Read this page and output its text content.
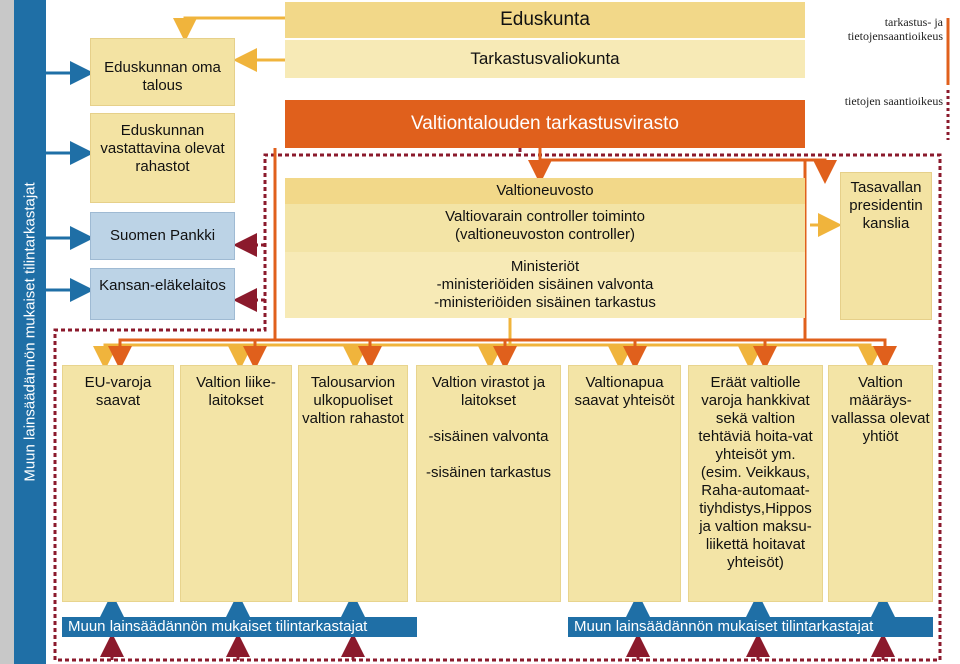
Muun lainsäädännön mukaiset tilintarkastajat
Eduskunta
Tarkastusvaliokunta
Valtiontalouden tarkastusvirasto
Eduskunnan oma talous
Eduskunnan vastattavina olevat rahastot
Suomen Pankki
Kansan-eläkelaitos
Valtioneuvosto
Valtiovarain controller toiminto
(valtioneuvoston controller)
Ministeriöt
-ministeriöiden sisäinen valvonta
-ministeriöiden sisäinen tarkastus
Tasavallan presidentin kanslia
EU-varoja saavat
Valtion liike-laitokset
Talousarvion ulkopuoliset valtion rahastot
Valtion virastot ja laitokset

-sisäinen valvonta

-sisäinen tarkastus
Valtionapua saavat yhteisöt
Eräät valtiolle varoja hankkivat sekä valtion tehtäviä hoita-vat yhteisöt ym. (esim. Veikkaus, Raha-automaat-tiyhdistys,Hippos ja valtion maksu-liikettä hoitavat yhteisöt)
Valtion määräys-vallassa olevat yhtiöt
Muun lainsäädännön mukaiset tilintarkastajat	Muun lainsäädännön mukaiset tilintarkastajat
tarkastus- ja tietojensaantioikeus
tietojen saantioikeus
